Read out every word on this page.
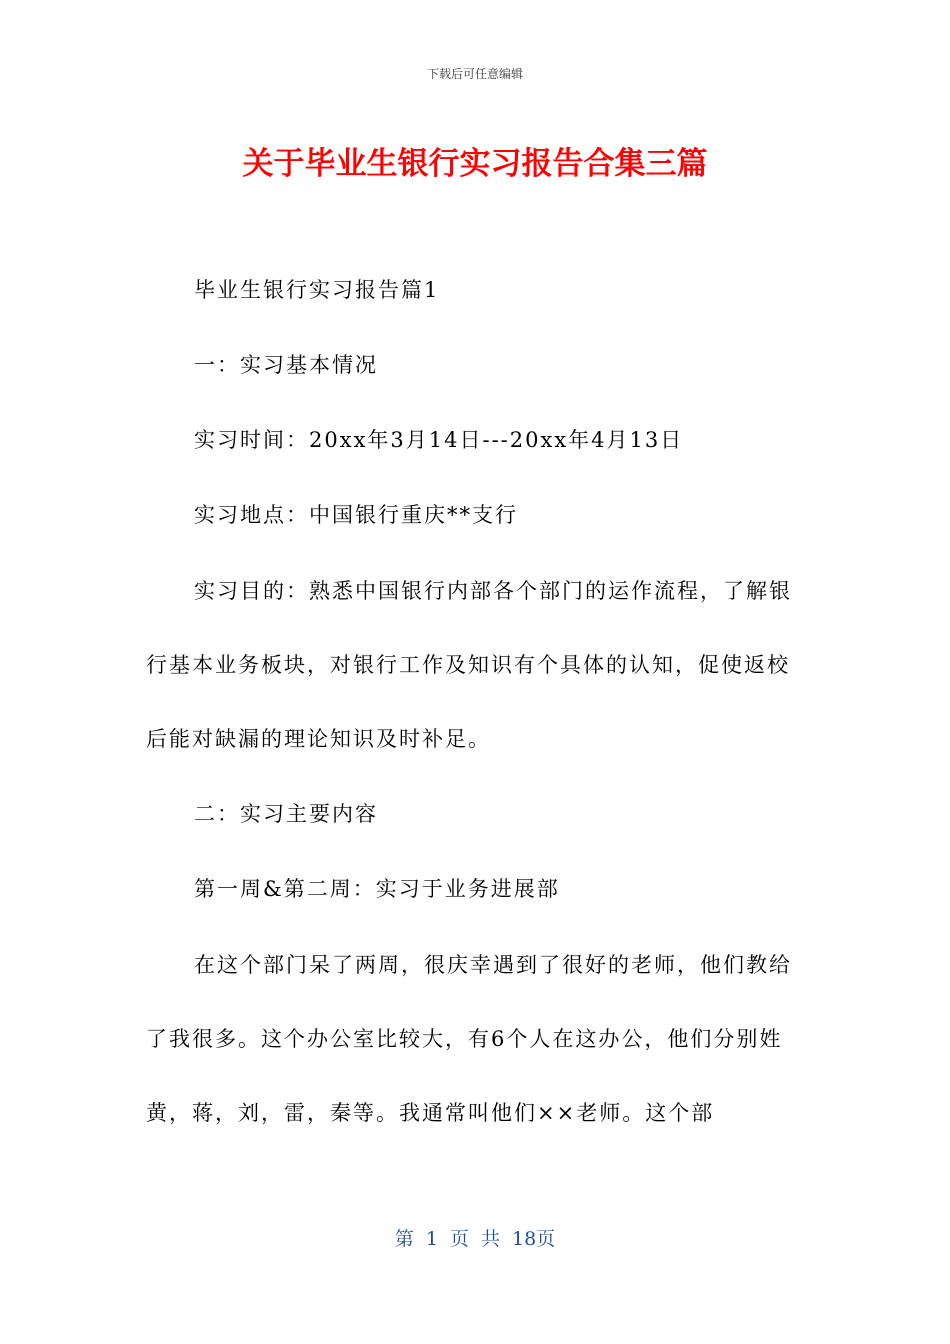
下载后可任意编辑
关于毕业生银行实习报告合集三篇

毕业生银行实习报告篇1

一：实习基本情况

实习时间：20xx年3月14日---20xx年4月13日

实习地点：中国银行重庆**支行

实习目的：熟悉中国银行内部各个部门的运作流程，了解银行基本业务板块，对银行工作及知识有个具体的认知，促使返校后能对缺漏的理论知识及时补足。

二：实习主要内容

第一周&第二周：实习于业务进展部

在这个部门呆了两周，很庆幸遇到了很好的老师，他们教给了我很多。这个办公室比较大，有6个人在这办公，他们分别姓黄，蒋，刘，雷，秦等。我通常叫他们××老师。这个部

第 1 页 共 18页
